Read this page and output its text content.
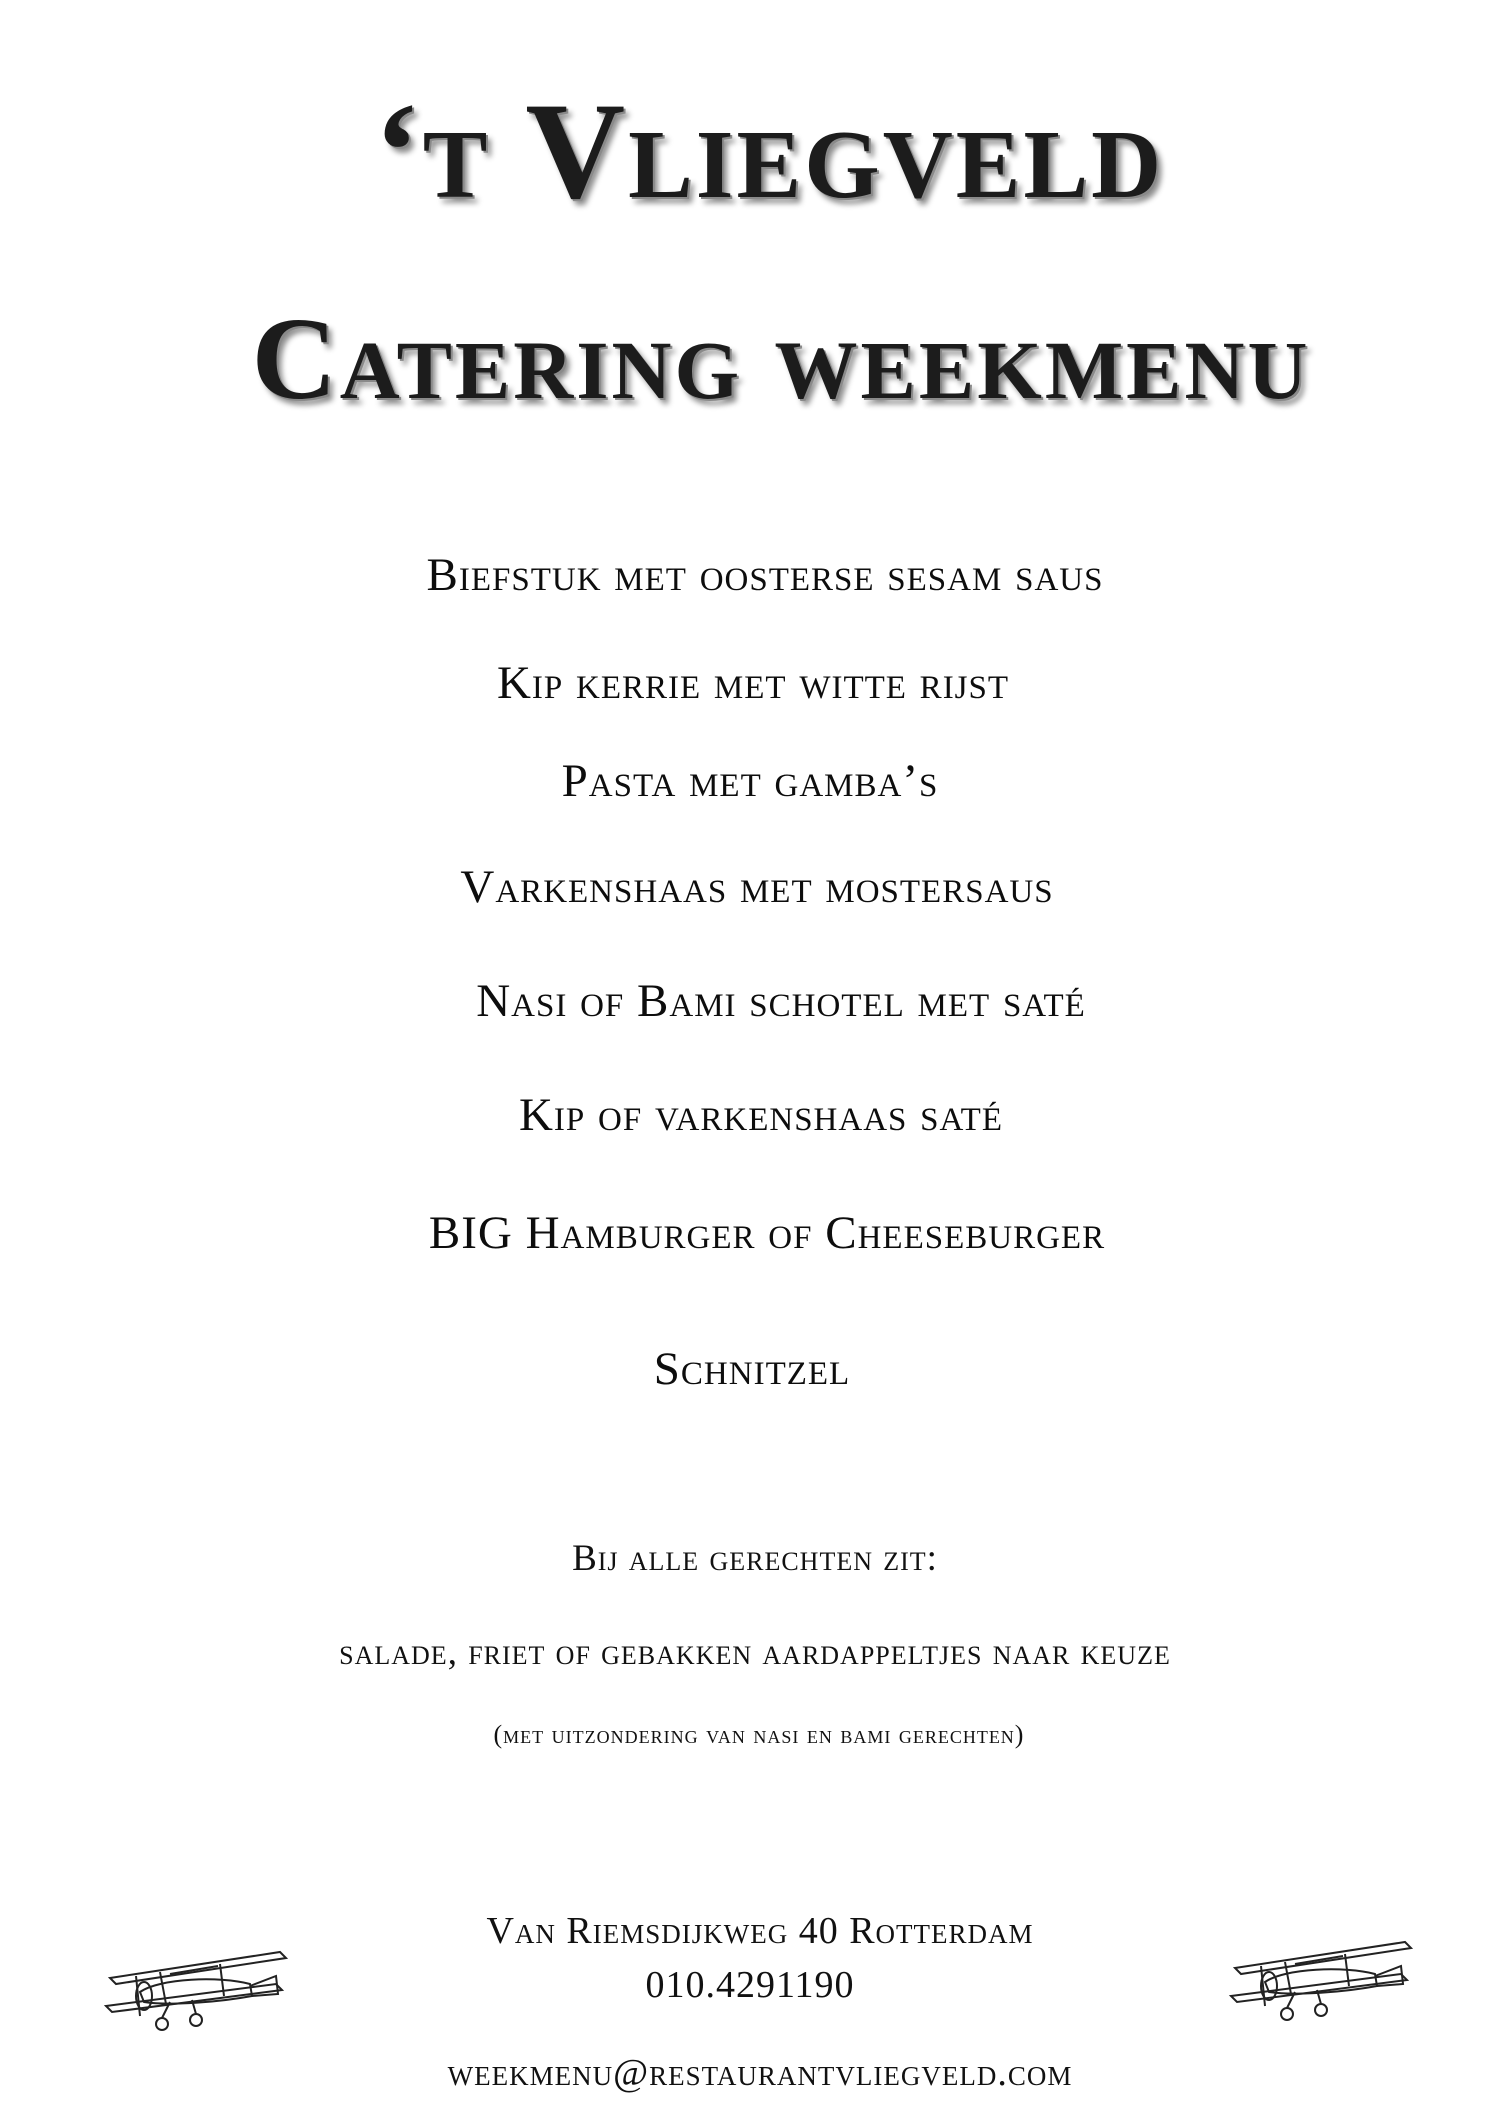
‘t Vliegveld
Catering weekmenu
Biefstuk met oosterse sesam saus
Kip kerrie met witte rijst
Pasta met gamba’s
Varkenshaas met mostersaus
Nasi of Bami schotel met saté
Kip of varkenshaas saté
BIG Hamburger of Cheeseburger
Schnitzel
Bij alle gerechten zit:
salade, friet of gebakken aardappeltjes naar keuze
(met uitzondering van nasi en bami gerechten)
Van Riemsdijkweg 40 Rotterdam
010.4291190
weekmenu@restaurantvliegveld.com
